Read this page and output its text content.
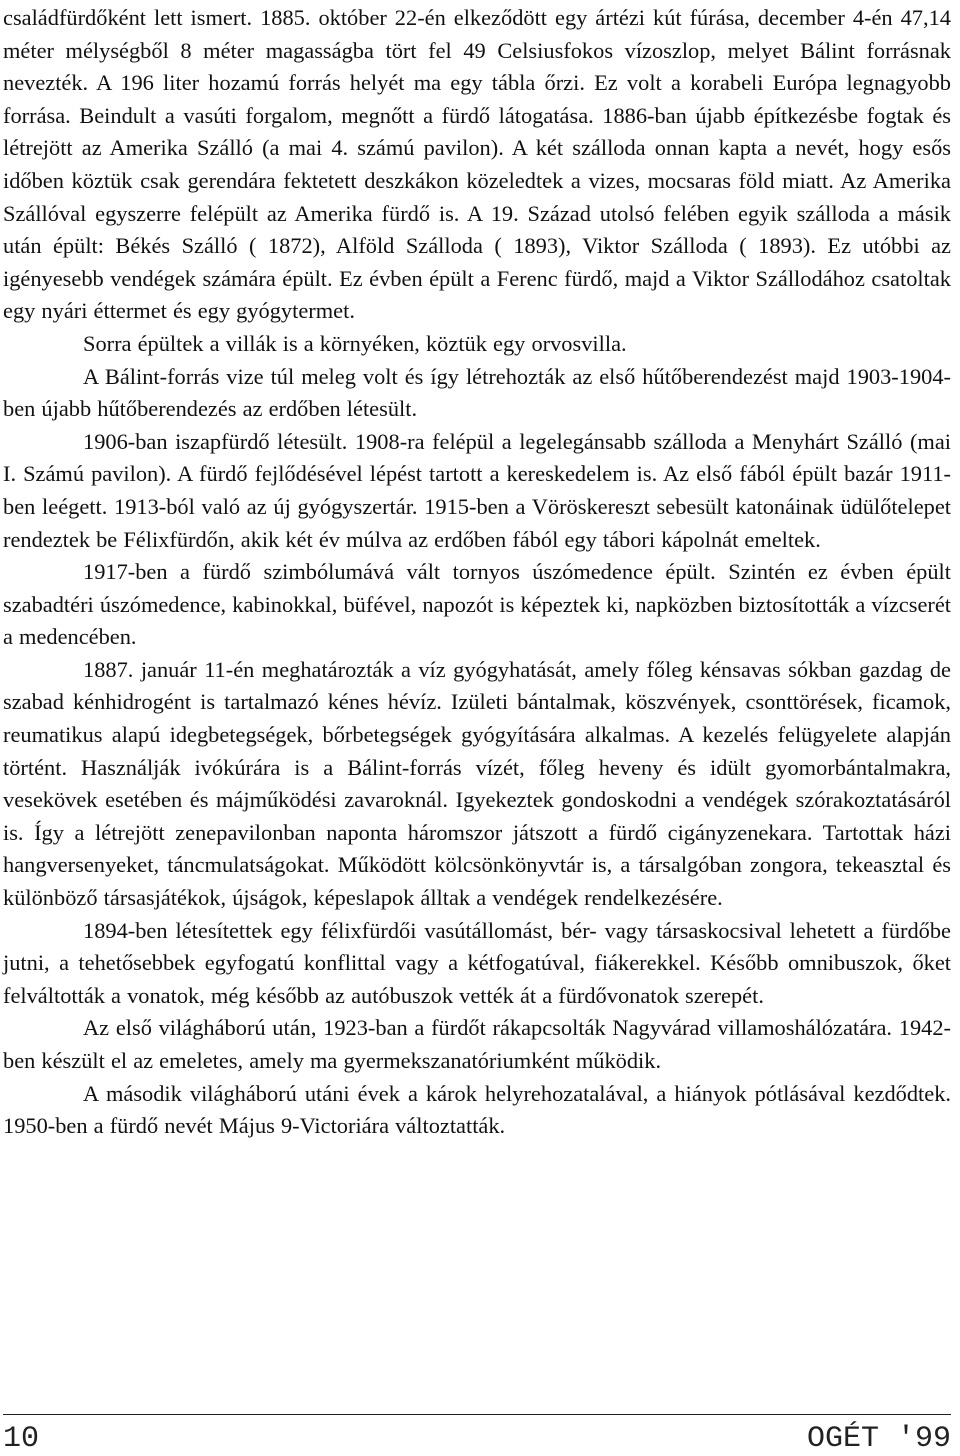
családfürdőként lett ismert. 1885. október 22-én elkeződött egy ártézi kút fúrása, december 4-én 47,14 méter mélységből 8 méter magasságba tört fel 49 Celsiusfokos vízoszlop, melyet Bálint forrásnak nevezték. A 196 liter hozamú forrás helyét ma egy tábla őrzi. Ez volt a korabeli Európa legnagyobb forrása. Beindult a vasúti forgalom, megnőtt a fürdő látogatása. 1886-ban újabb építkezésbe fogtak és létrejött az Amerika Szálló (a mai 4. számú pavilon). A két szálloda onnan kapta a nevét, hogy esős időben köztük csak gerendára fektetett deszkákon közeledtek a vizes, mocsaras föld miatt. Az Amerika Szállóval egyszerre felépült az Amerika fürdő is. A 19. Század utolsó felében egyik szálloda a másik után épült: Békés Szálló ( 1872), Alföld Szálloda ( 1893), Viktor Szálloda ( 1893). Ez utóbbi az igényesebb vendégek számára épült. Ez évben épült a Ferenc fürdő, majd a Viktor Szállodához csatoltak egy nyári éttermet és egy gyógytermet.

Sorra épültek a villák is a környéken, köztük egy orvosvilla.

A Bálint-forrás vize túl meleg volt és így létrehozták az első hűtőberendezést majd 1903-1904-ben újabb hűtőberendezés az erdőben létesült.

1906-ban iszapfürdő létesült. 1908-ra felépül a legelegánsabb szálloda a Menyhárt Szálló (mai I. Számú pavilon). A fürdő fejlődésével lépést tartott a kereskedelem is. Az első fából épült bazár 1911-ben leégett. 1913-ból való az új gyógyszertár. 1915-ben a Vöröskereszt sebesült katonáinak üdülőtelepet rendeztek be Félixfürdőn, akik két év múlva az erdőben fából egy tábori kápolnát emeltek.

1917-ben a fürdő szimbólumává vált tornyos úszómedence épült. Szintén ez évben épült szabadtéri úszómedence, kabinokkal, büfével, napozót is képeztek ki, napközben biztosították a vízcserét a medencében.

1887. január 11-én meghatározták a víz gyógyhatását, amely főleg kénsavas sókban gazdag de szabad kénhidrogént is tartalmazó kénes hévíz. Izületi bántalmak, köszvények, csonttörések, ficamok, reumatikus alapú idegbetegségek, bőrbetegségek gyógyítására alkalmas. A kezelés felügyelete alapján történt. Használják ivókúrára is a Bálint-forrás vízét, főleg heveny és idült gyomorbántalmakra, vesekövek esetében és májműködési zavaroknál. Igyekeztek gondoskodni a vendégek szórakoztatásáról is. Így a létrejött zenepavilonban naponta háromszor játszott a fürdő cigányzenekara. Tartottak házi hangversenyeket, táncmulatságokat. Működött kölcsönkönyvtár is, a társalgóban zongora, tekeasztal és különböző társasjátékok, újságok, képeslapok álltak a vendégek rendelkezésére.

1894-ben létesítettek egy félixfürdői vasútállomást, bér- vagy társaskocsival lehetett a fürdőbe jutni, a tehetősebbek egyfogatú konflittal vagy a kétfogatúval, fiákerekkel. Később omnibuszok, őket felváltották a vonatok, még később az autóbuszok vették át a fürdővonatok szerepét.

Az első világháború után, 1923-ban a fürdőt rákapcsolták Nagyvárad villamoshálózatára. 1942-ben készült el az emeletes, amely ma gyermekszanatóriumként működik.

A második világháború utáni évek a károk helyrehozatalával, a hiányok pótlásával kezdődtek. 1950-ben a fürdő nevét Május 9-Victoriára változtatták.

10	OGÉT '99
